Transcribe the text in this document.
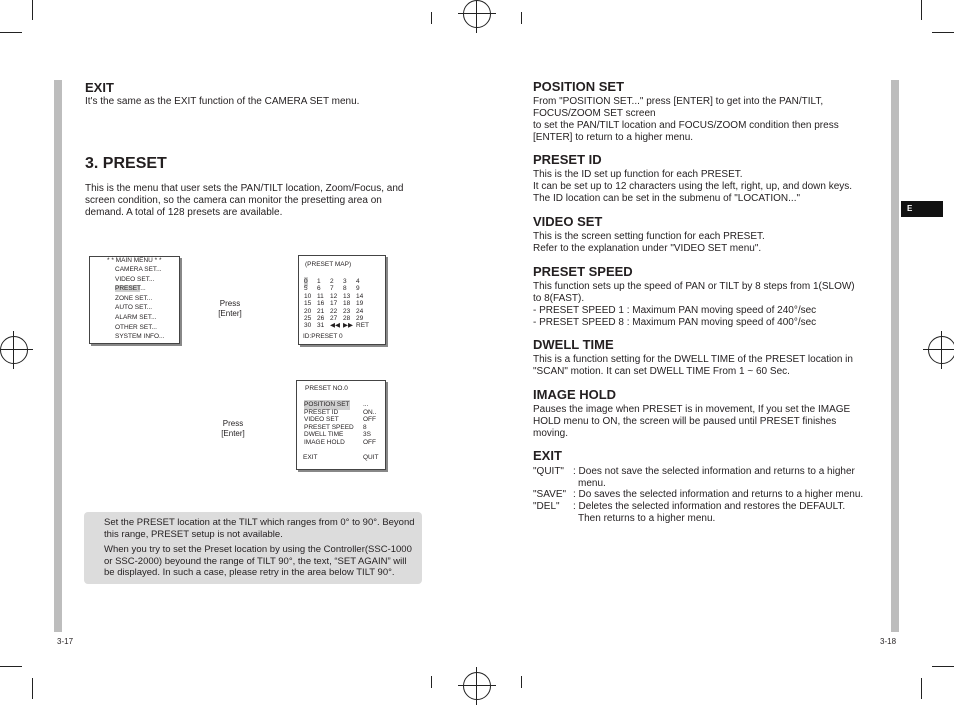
EXIT
It's the same as the EXIT function of the CAMERA SET menu.
3. PRESET
This is the menu that user sets the PAN/TILT location, Zoom/Focus, and
screen condition, so the camera can monitor the presetting area on
demand. A total of 128 presets are available.
* * MAIN MENU * *
CAMERA SET...
VIDEO SET...
PRESET...
ZONE SET...
AUTO SET...
ALARM SET...
OTHER SET...
SYSTEM INFO...
Press
[Enter]
(PRESET MAP)
0 1 2 3 4
5 6 7 8 9
10 11 12 13 14
15 16 17 18 19
20 21 22 23 24
25 26 27 28 29
30 31 ◀◀ ▶▶ RET
ID:PRESET 0
Press
[Enter]
PRESET NO.0
POSITION SET ...
PRESET ID	ON..
VIDEO SET	OFF
PRESET SPEED 8
DWELL TIME	3S
IMAGE HOLD	OFF
EXIT	QUIT
Set the PRESET location at the TILT which ranges from 0° to 90°. Beyond this range, PRESET setup is not available.
When you try to set the Preset location by using the Controller(SSC-1000 or SSC-2000) beyound the range of TILT 90°, the text, “SET AGAIN” will be displayed. In such a case, please retry in the area below TILT 90°.
3-17
POSITION SET
From "POSITION SET..." press [ENTER] to get into the PAN/TILT,
FOCUS/ZOOM SET screen
to set the PAN/TILT location and FOCUS/ZOOM condition then press
[ENTER] to return to a higher menu.
PRESET ID
This is the ID set up function for each PRESET.
It can be set up to 12 characters using the left, right, up, and down keys.
The ID location can be set in the submenu of "LOCATION..."
VIDEO SET
This is the screen setting function for each PRESET.
Refer to the explanation under "VIDEO SET menu".
PRESET SPEED
This function sets up the speed of PAN or TILT by 8 steps from 1(SLOW)
to 8(FAST).
- PRESET SPEED 1 : Maximum PAN moving speed of 240°/sec
- PRESET SPEED 8 : Maximum PAN moving speed of 400°/sec
DWELL TIME
This is a function setting for the DWELL TIME of the PRESET location in
"SCAN" motion. It can set DWELL TIME From 1 ~ 60 Sec.
IMAGE HOLD
Pauses the image when PRESET is in movement, If you set the IMAGE
HOLD menu to ON, the screen will be paused until PRESET finishes
moving.
EXIT
"QUIT" : Does not save the selected information and returns to a higher
menu.
"SAVE" : Do saves the selected information and returns to a higher menu.
"DEL" : Deletes the selected information and restores the DEFAULT.
Then returns to a higher menu.
E
3-18
